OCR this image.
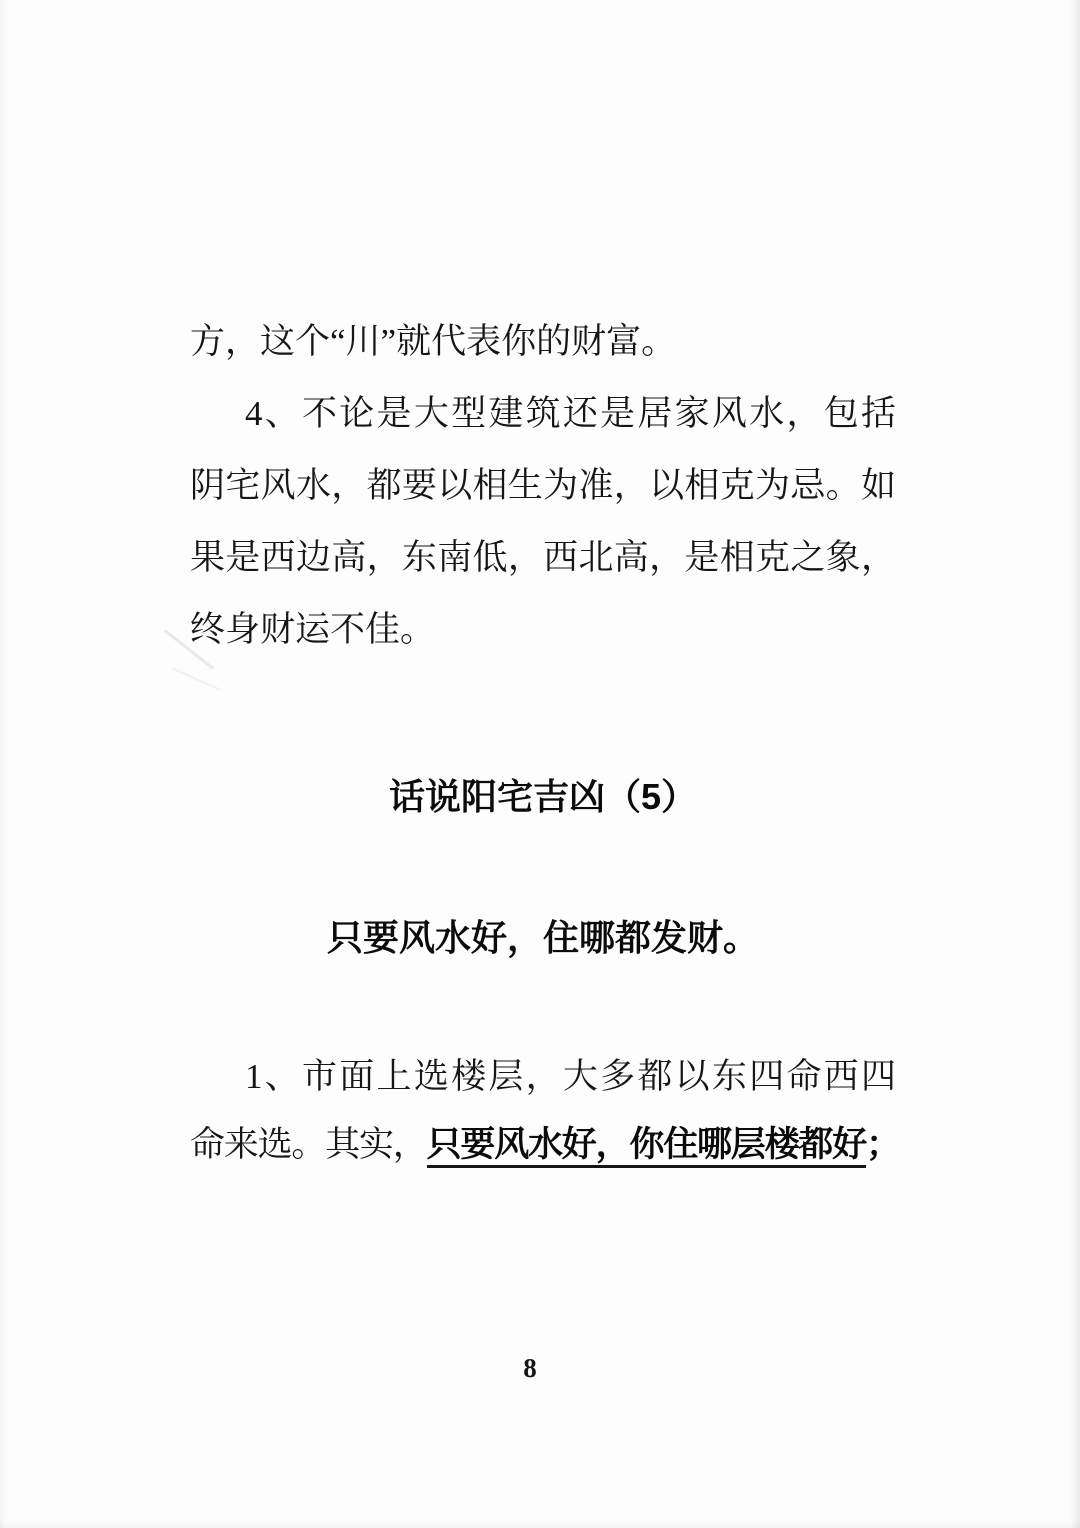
方，这个“川”就代表你的财富。
4、不论是大型建筑还是居家风水，包括
阴宅风水，都要以相生为准，以相克为忌。如
果是西边高，东南低，西北高，是相克之象，
终身财运不佳。
话说阳宅吉凶（5）
只要风水好，住哪都发财。
1、市面上选楼层，大多都以东四命西四
命来选。其实，只要风水好，你住哪层楼都好；
8
